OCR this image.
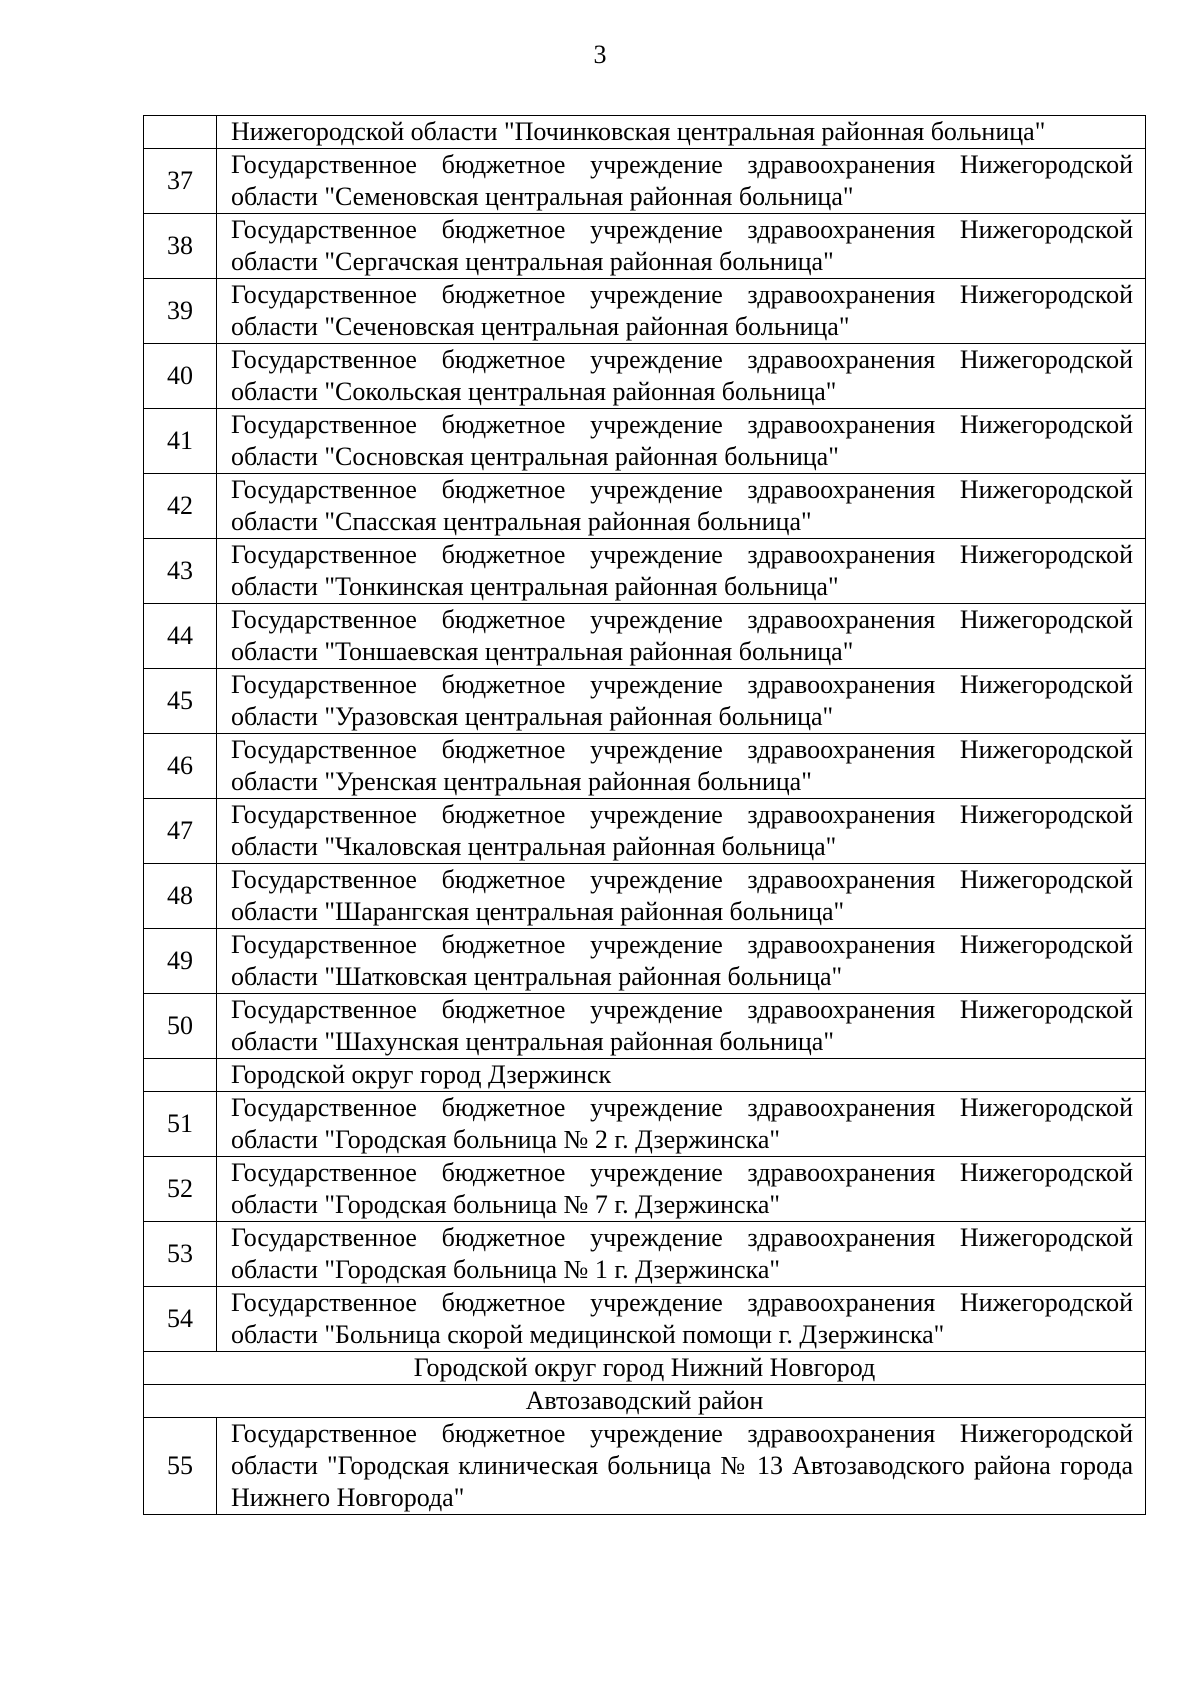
3
	Нижегородской области "Починковская центральная районная больница"
37	Государственное бюджетное учреждение здравоохранения Нижегородской области "Семеновская центральная районная больница"
38	Государственное бюджетное учреждение здравоохранения Нижегородской области "Сергачская центральная районная больница"
39	Государственное бюджетное учреждение здравоохранения Нижегородской области "Сеченовская центральная районная больница"
40	Государственное бюджетное учреждение здравоохранения Нижегородской области "Сокольская центральная районная больница"
41	Государственное бюджетное учреждение здравоохранения Нижегородской области "Сосновская центральная районная больница"
42	Государственное бюджетное учреждение здравоохранения Нижегородской области "Спасская центральная районная больница"
43	Государственное бюджетное учреждение здравоохранения Нижегородской области "Тонкинская центральная районная больница"
44	Государственное бюджетное учреждение здравоохранения Нижегородской области "Тоншаевская центральная районная больница"
45	Государственное бюджетное учреждение здравоохранения Нижегородской области "Уразовская центральная районная больница"
46	Государственное бюджетное учреждение здравоохранения Нижегородской области "Уренская центральная районная больница"
47	Государственное бюджетное учреждение здравоохранения Нижегородской области "Чкаловская центральная районная больница"
48	Государственное бюджетное учреждение здравоохранения Нижегородской области "Шарангская центральная районная больница"
49	Государственное бюджетное учреждение здравоохранения Нижегородской области "Шатковская центральная районная больница"
50	Государственное бюджетное учреждение здравоохранения Нижегородской области "Шахунская центральная районная больница"
	Городской округ город Дзержинск
51	Государственное бюджетное учреждение здравоохранения Нижегородской области "Городская больница № 2 г. Дзержинска"
52	Государственное бюджетное учреждение здравоохранения Нижегородской области "Городская больница № 7 г. Дзержинска"
53	Государственное бюджетное учреждение здравоохранения Нижегородской области "Городская больница № 1 г. Дзержинска"
54	Государственное бюджетное учреждение здравоохранения Нижегородской области "Больница скорой медицинской помощи г. Дзержинска"
Городской округ город Нижний Новгород	
Автозаводский район	
55	Государственное бюджетное учреждение здравоохранения Нижегородской области "Городская клиническая больница № 13 Автозаводского района города Нижнего Новгорода"
